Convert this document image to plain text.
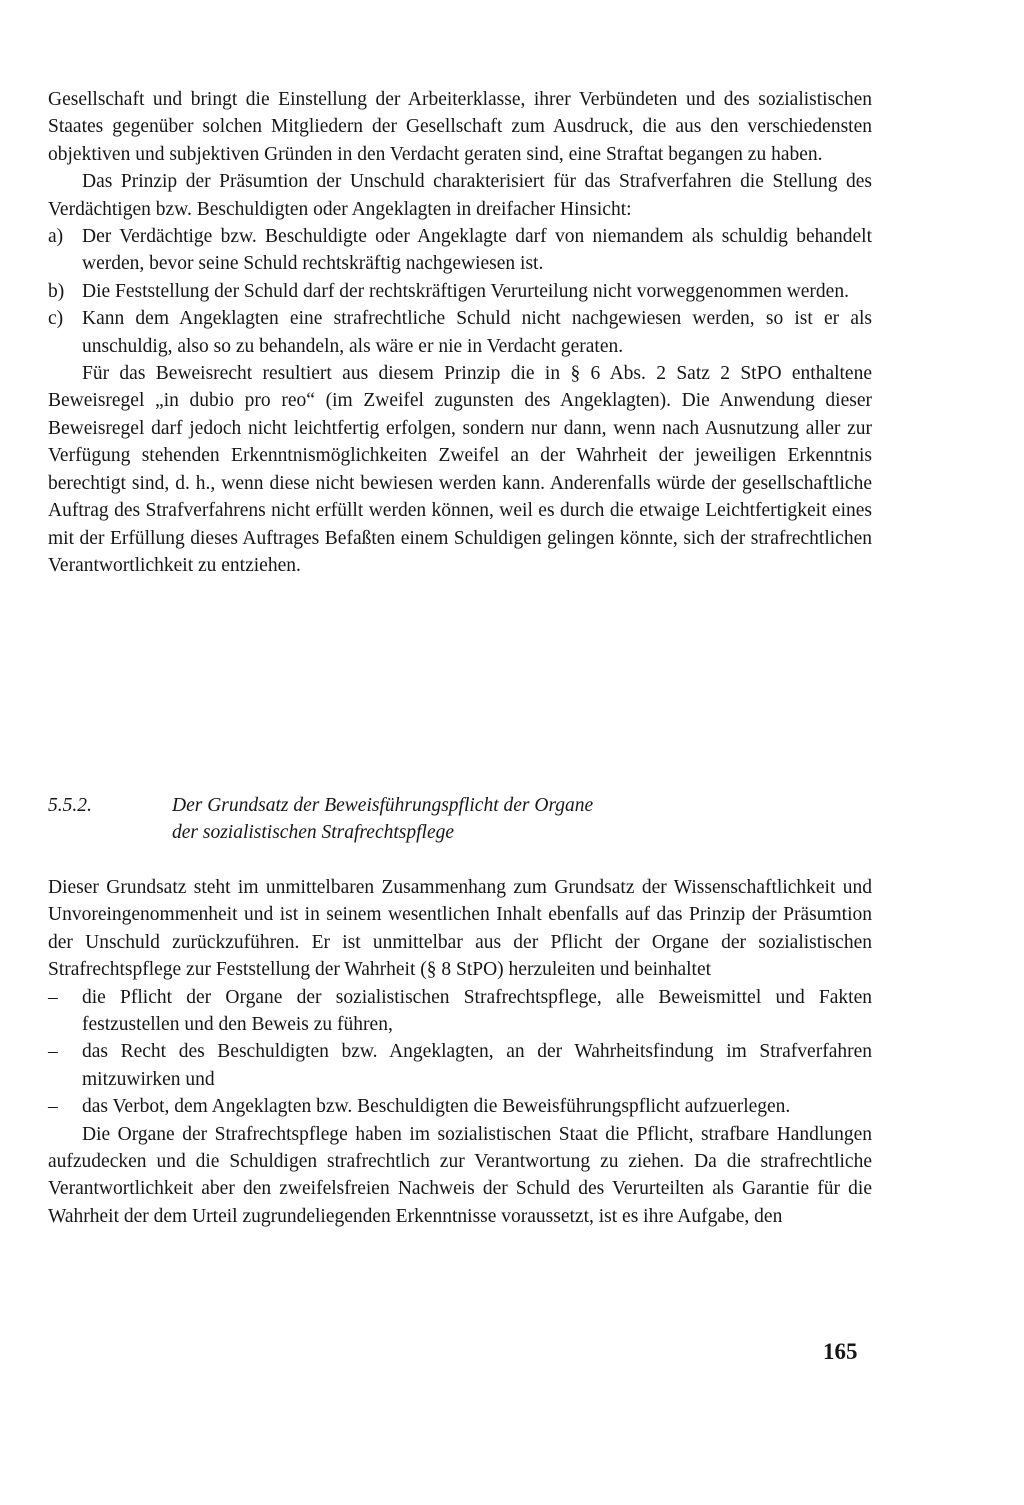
Gesellschaft und bringt die Einstellung der Arbeiterklasse, ihrer Verbündeten und des sozialistischen Staates gegenüber solchen Mitgliedern der Gesellschaft zum Ausdruck, die aus den verschiedensten objektiven und subjektiven Gründen in den Verdacht geraten sind, eine Straftat begangen zu haben.

Das Prinzip der Präsumtion der Unschuld charakterisiert für das Strafverfahren die Stellung des Verdächtigen bzw. Beschuldigten oder Angeklagten in dreifacher Hinsicht:

a) Der Verdächtige bzw. Beschuldigte oder Angeklagte darf von niemandem als schuldig behandelt werden, bevor seine Schuld rechtskräftig nachgewiesen ist.

b) Die Feststellung der Schuld darf der rechtskräftigen Verurteilung nicht vorweggenommen werden.

c) Kann dem Angeklagten eine strafrechtliche Schuld nicht nachgewiesen werden, so ist er als unschuldig, also so zu behandeln, als wäre er nie in Verdacht geraten.

Für das Beweisrecht resultiert aus diesem Prinzip die in § 6 Abs. 2 Satz 2 StPO enthaltene Beweisregel „in dubio pro reo“ (im Zweifel zugunsten des Angeklagten). Die Anwendung dieser Beweisregel darf jedoch nicht leichtfertig erfolgen, sondern nur dann, wenn nach Ausnutzung aller zur Verfügung stehenden Erkenntnismöglichkeiten Zweifel an der Wahrheit der jeweiligen Erkenntnis berechtigt sind, d. h., wenn diese nicht bewiesen werden kann. Anderenfalls würde der gesellschaftliche Auftrag des Strafverfahrens nicht erfüllt werden können, weil es durch die etwaige Leichtfertigkeit eines mit der Erfüllung dieses Auftrages Befaßten einem Schuldigen gelingen könnte, sich der strafrechtlichen Verantwortlichkeit zu entziehen.

5.5.2.	Der Grundsatz der Beweisführungspflicht der Organe
der sozialistischen Strafrechtspflege

Dieser Grundsatz steht im unmittelbaren Zusammenhang zum Grundsatz der Wissenschaftlichkeit und Unvoreingenommenheit und ist in seinem wesentlichen Inhalt ebenfalls auf das Prinzip der Präsumtion der Unschuld zurückzuführen. Er ist unmittelbar aus der Pflicht der Organe der sozialistischen Strafrechtspflege zur Feststellung der Wahrheit (§ 8 StPO) herzuleiten und beinhaltet

– die Pflicht der Organe der sozialistischen Strafrechtspflege, alle Beweismittel und Fakten festzustellen und den Beweis zu führen,

– das Recht des Beschuldigten bzw. Angeklagten, an der Wahrheitsfindung im Strafverfahren mitzuwirken und

– das Verbot, dem Angeklagten bzw. Beschuldigten die Beweisführungspflicht aufzuerlegen.

Die Organe der Strafrechtspflege haben im sozialistischen Staat die Pflicht, strafbare Handlungen aufzudecken und die Schuldigen strafrechtlich zur Verantwortung zu ziehen. Da die strafrechtliche Verantwortlichkeit aber den zweifelsfreien Nachweis der Schuld des Verurteilten als Garantie für die Wahrheit der dem Urteil zugrundeliegenden Erkenntnisse voraussetzt, ist es ihre Aufgabe, den

165
